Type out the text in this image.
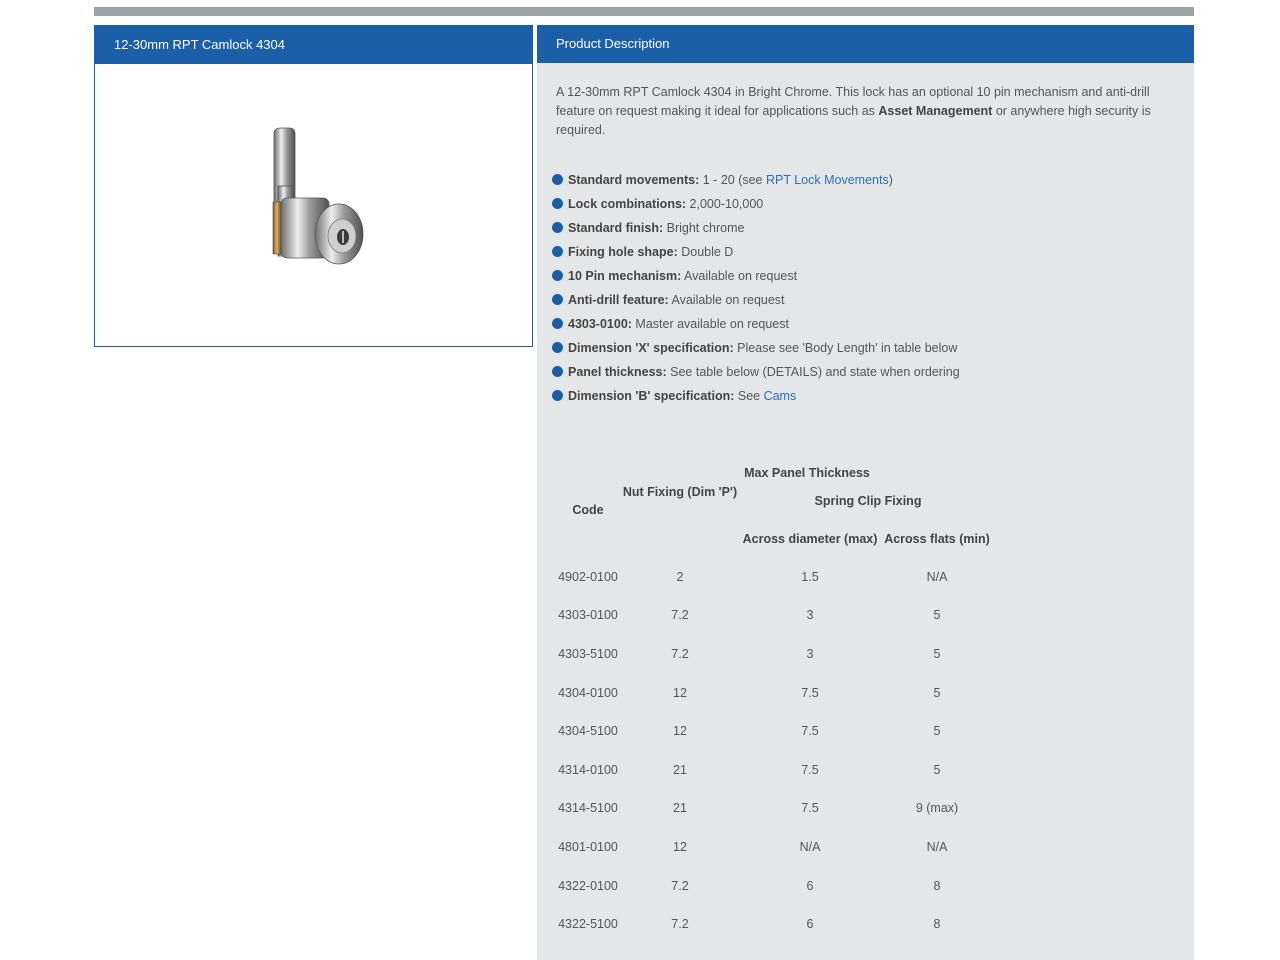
12-30mm RPT Camlock 4304	Product Description

A 12-30mm RPT Camlock 4304 in Bright Chrome. This lock has an optional 10 pin mechanism and anti-drill feature on request making it ideal for applications such as Asset Management or anywhere high security is required.

Standard movements: 1 - 20 (see RPT Lock Movements)
Lock combinations: 2,000-10,000
Standard finish: Bright chrome
Fixing hole shape: Double D
10 Pin mechanism: Available on request
Anti-drill feature: Available on request
4303-0100: Master available on request
Dimension 'X' specification: Please see 'Body Length' in table below
Panel thickness: See table below (DETAILS) and state when ordering
Dimension 'B' specification: See Cams
Code	Max Panel Thickness		
	Nut Fixing (Dim 'P')	Spring Clip Fixing	
		Across diameter (max)	Across flats (min)
4902-0100	2	1.5	N/A
4303-0100	7.2	3	5
4303-5100	7.2	3	5
4304-0100	12	7.5	5
4304-5100	12	7.5	5
4314-0100	21	7.5	5
4314-5100	21	7.5	9 (max)
4801-0100	12	N/A	N/A
4322-0100	7.2	6	8
4322-5100	7.2	6	8
